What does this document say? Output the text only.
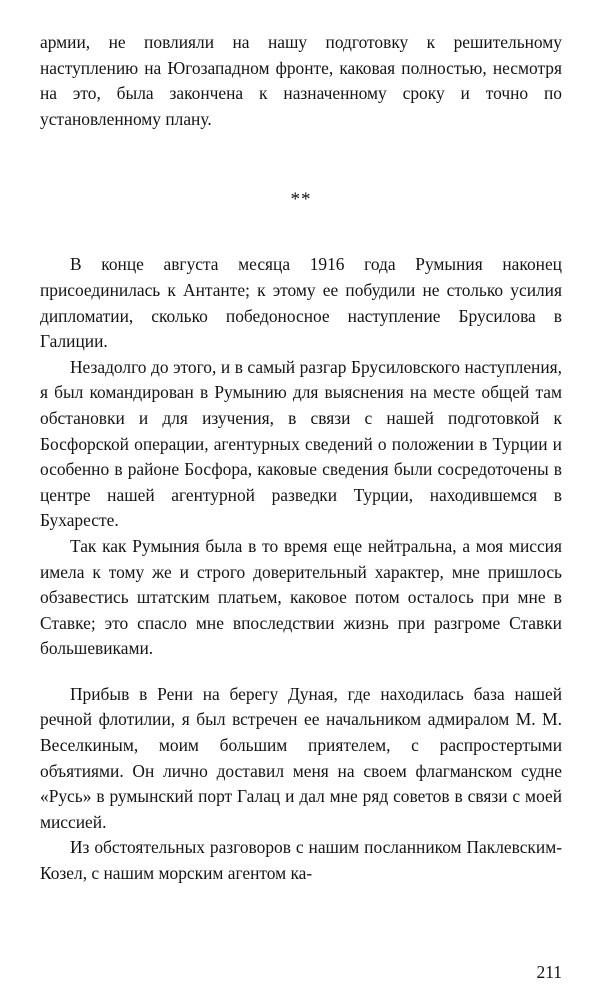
армии, не повлияли на нашу подготовку к решительному наступлению на Югозападном фронте, каковая полностью, несмотря на это, была закончена к назначенному сроку и точно по установленному плану.

**

В конце августа месяца 1916 года Румыния наконец присоединилась к Антанте; к этому ее побудили не столько усилия дипломатии, сколько победоносное наступление Брусилова в Галиции.

Незадолго до этого, и в самый разгар Брусиловского наступления, я был командирован в Румынию для выяснения на месте общей там обстановки и для изучения, в связи с нашей подготовкой к Босфорской операции, агентурных сведений о положении в Турции и особенно в районе Босфора, каковые сведения были сосредоточены в центре нашей агентурной разведки Турции, находившемся в Бухаресте.

Так как Румыния была в то время еще нейтральна, а моя миссия имела к тому же и строго доверительный характер, мне пришлось обзавестись штатским платьем, каковое потом осталось при мне в Ставке; это спасло мне впоследствии жизнь при разгроме Ставки большевиками.

Прибыв в Рени на берегу Дуная, где находилась база нашей речной флотилии, я был встречен ее начальником адмиралом М. М. Веселкиным, моим большим приятелем, с распростертыми объятиями. Он лично доставил меня на своем флагманском судне «Русь» в румынский порт Галац и дал мне ряд советов в связи с моей миссией.

Из обстоятельных разговоров с нашим посланником Паклевским-Козел, с нашим морским агентом ка-

211
